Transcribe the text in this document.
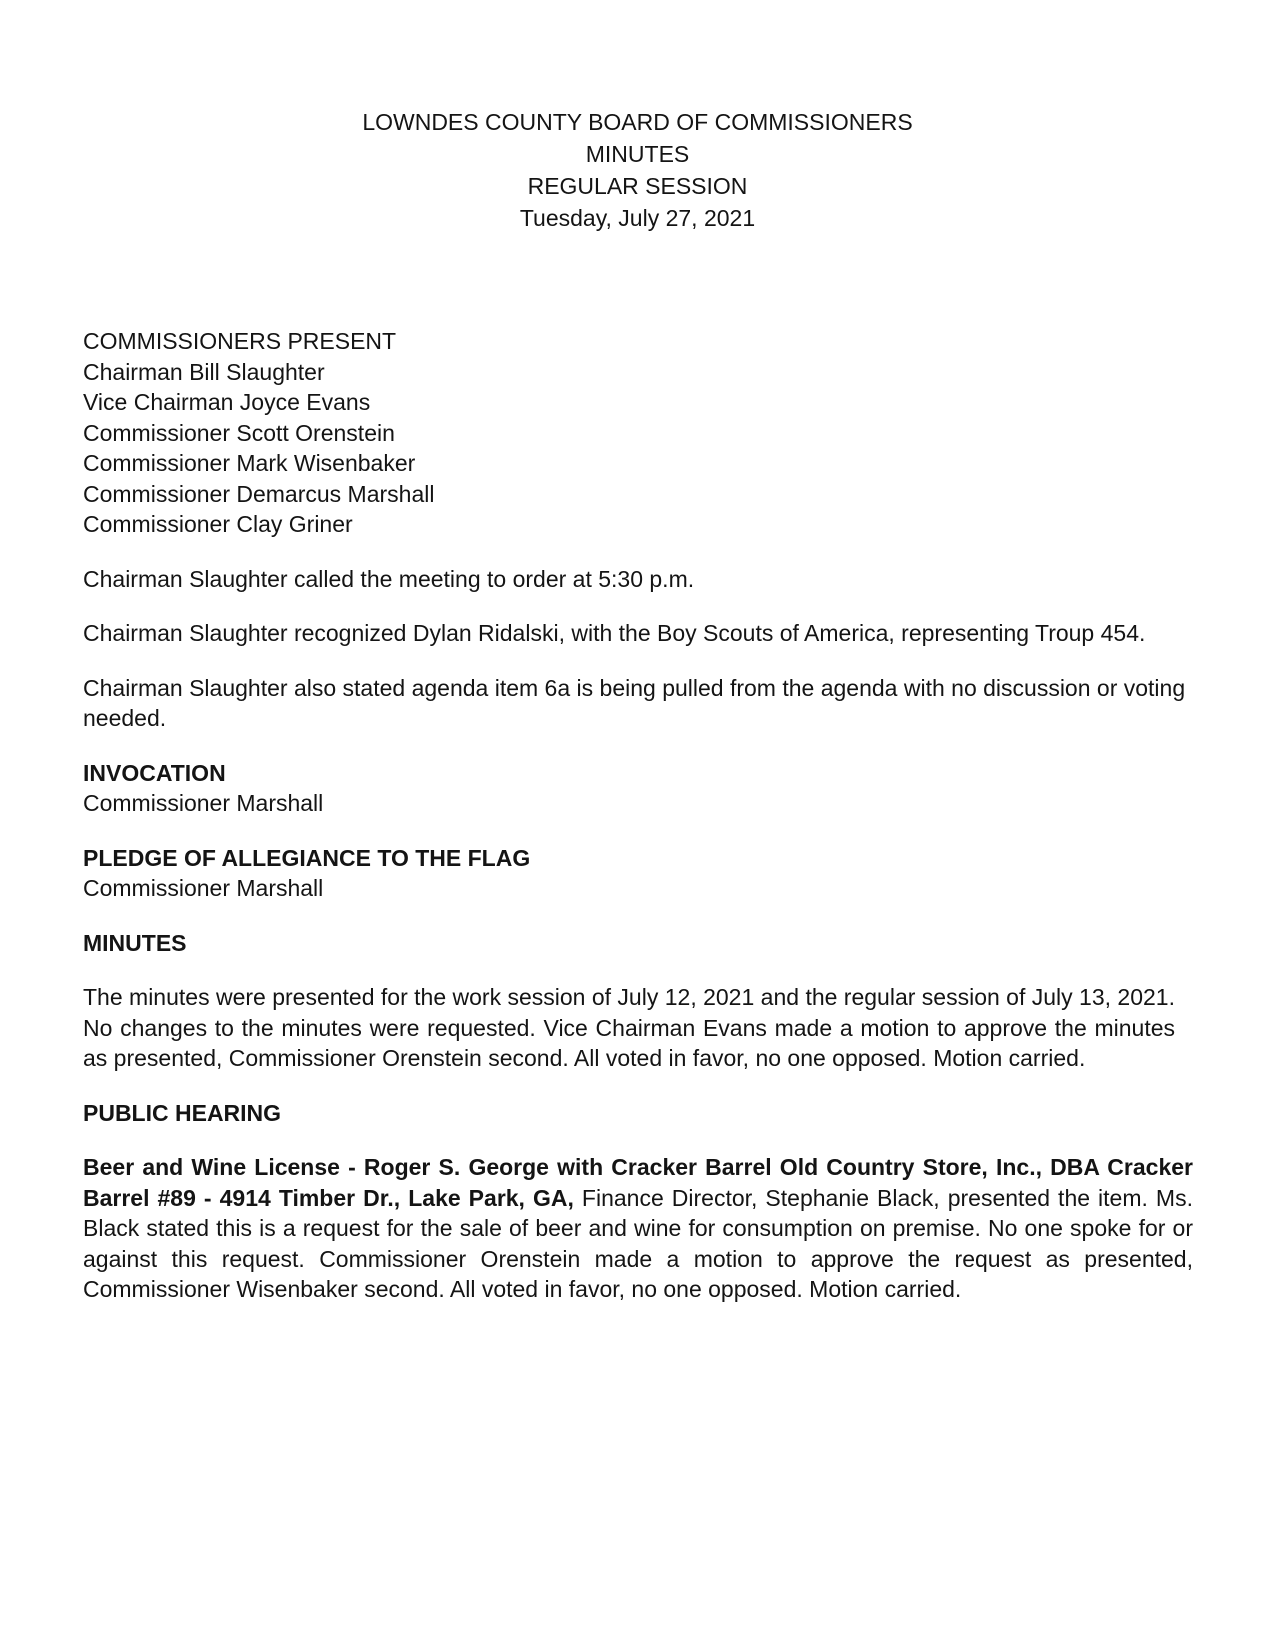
LOWNDES COUNTY BOARD OF COMMISSIONERS
MINUTES
REGULAR SESSION
Tuesday, July 27, 2021
COMMISSIONERS PRESENT
Chairman Bill Slaughter
Vice Chairman Joyce Evans
Commissioner Scott Orenstein
Commissioner Mark Wisenbaker
Commissioner Demarcus Marshall
Commissioner Clay Griner
Chairman Slaughter called the meeting to order at 5:30 p.m.
Chairman Slaughter recognized Dylan Ridalski, with the Boy Scouts of America, representing Troup 454.
Chairman Slaughter also stated agenda item 6a is being pulled from the agenda with no discussion or voting needed.
INVOCATION
Commissioner Marshall
PLEDGE OF ALLEGIANCE TO THE FLAG
Commissioner Marshall
MINUTES
The minutes were presented for the work session of July 12, 2021 and the regular session of July 13, 2021. No changes to the minutes were requested. Vice Chairman Evans made a motion to approve the minutes as presented, Commissioner Orenstein second. All voted in favor, no one opposed. Motion carried.
PUBLIC HEARING
Beer and Wine License - Roger S. George with Cracker Barrel Old Country Store, Inc., DBA Cracker Barrel #89 - 4914 Timber Dr., Lake Park, GA, Finance Director, Stephanie Black, presented the item. Ms. Black stated this is a request for the sale of beer and wine for consumption on premise. No one spoke for or against this request. Commissioner Orenstein made a motion to approve the request as presented, Commissioner Wisenbaker second. All voted in favor, no one opposed. Motion carried.
